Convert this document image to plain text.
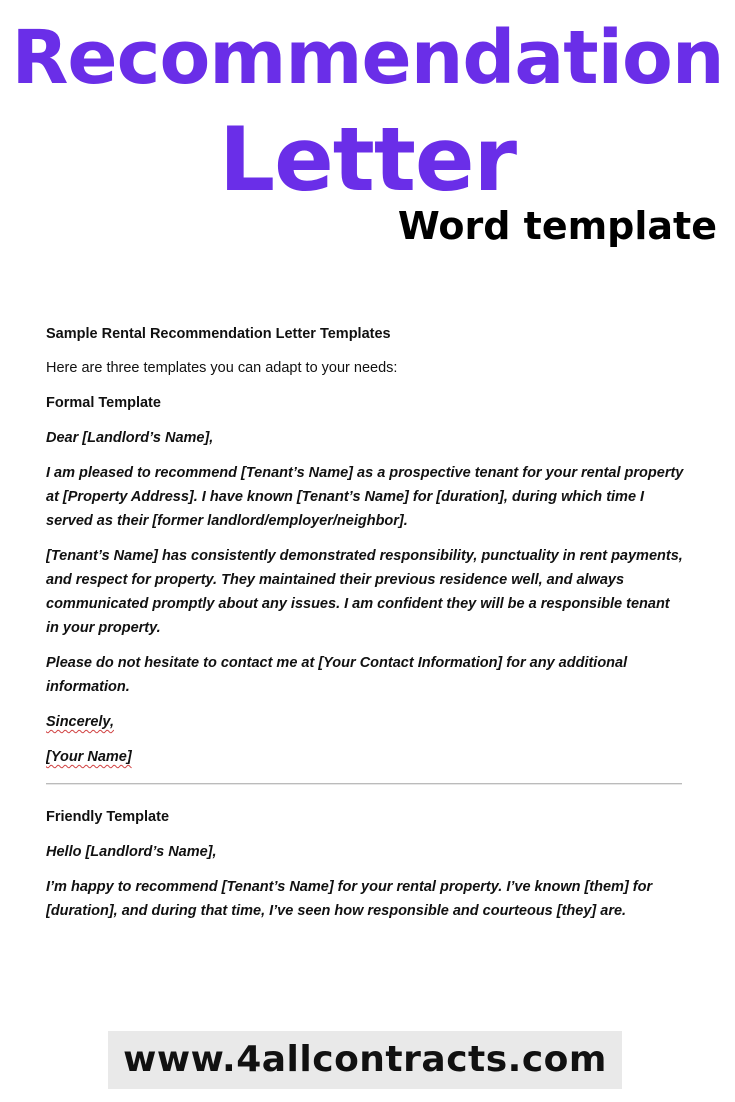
Recommendation
Letter
Word template

Sample Rental Recommendation Letter Templates

Here are three templates you can adapt to your needs:

Formal Template

Dear [Landlord’s Name],

I am pleased to recommend [Tenant’s Name] as a prospective tenant for your rental property at [Property Address]. I have known [Tenant’s Name] for [duration], during which time I served as their [former landlord/employer/neighbor].

[Tenant’s Name] has consistently demonstrated responsibility, punctuality in rent payments, and respect for property. They maintained their previous residence well, and always communicated promptly about any issues. I am confident they will be a responsible tenant in your property.

Please do not hesitate to contact me at [Your Contact Information] for any additional information.

Sincerely,

[Your Name]

Friendly Template

Hello [Landlord’s Name],

I’m happy to recommend [Tenant’s Name] for your rental property. I’ve known [them] for [duration], and during that time, I’ve seen how responsible and courteous [they] are.

www.4allcontracts.com
